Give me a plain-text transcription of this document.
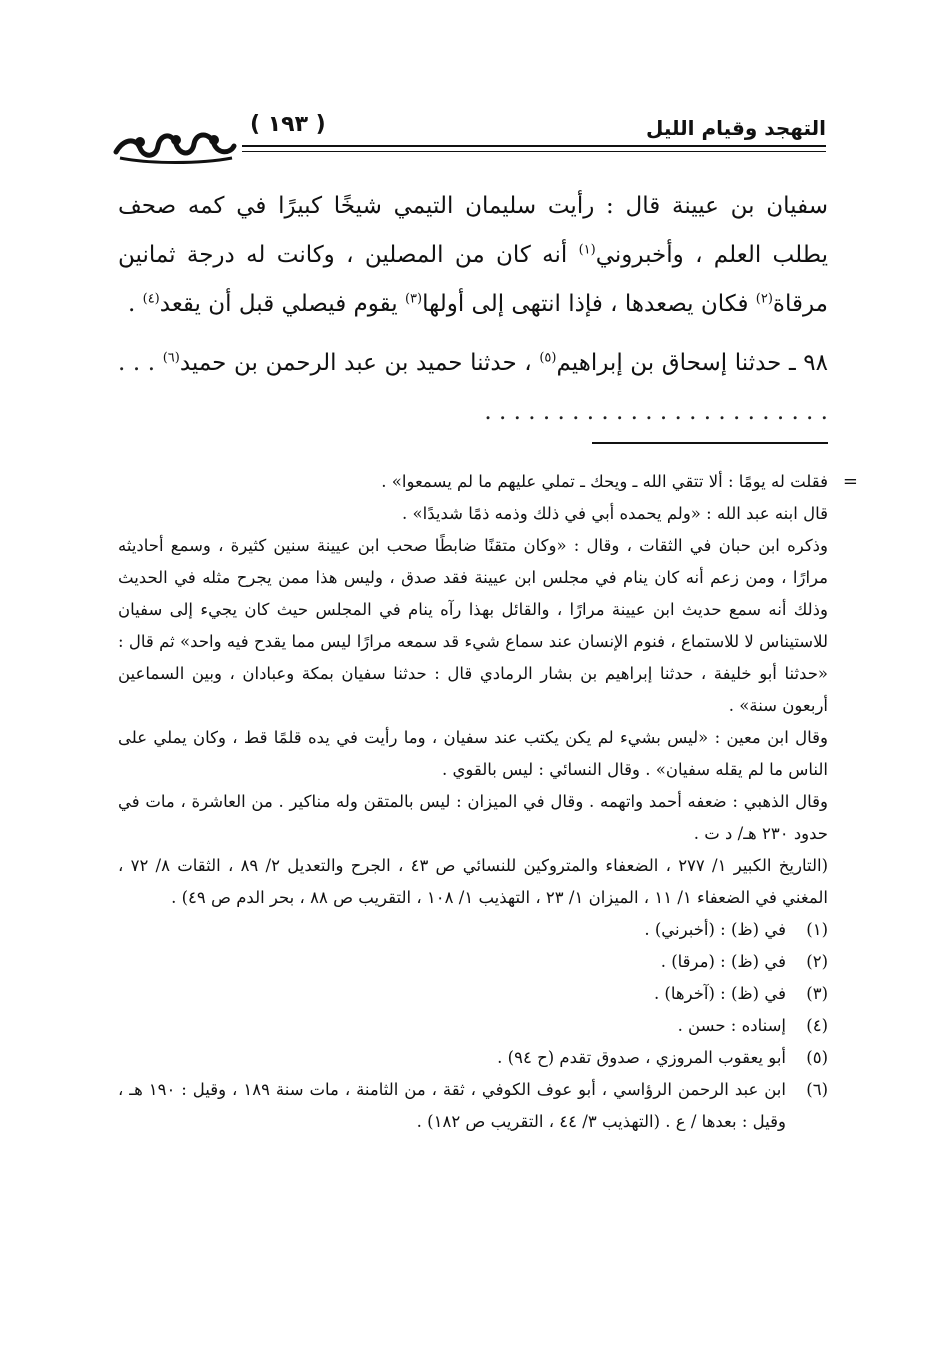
التهجد وقيام الليل
( ١٩٣ )

سفيان بن عيينة قال : رأيت سليمان التيمي شيخًا كبيرًا في كمه صحف يطلب العلم ، وأخبروني$^{(١)}$ أنه كان من المصلين ، وكانت له درجة ثمانين مرقاة$^{(٢)}$ فكان يصعدها ، فإذا انتهى إلى أولها$^{(٣)}$ يقوم فيصلي قبل أن يقعد$^{(٤)}$ .

٩٨ ـ حدثنا إسحاق بن إبراهيم$^{(٥)}$ ، حدثنا حميد بن عبد الرحمن بن حميد$^{(٦)}$ . . . . . . . . . . . . . . . . . . . . . . . . . . .

=

فقلت له يومًا : ألا تتقي الله ـ ويحك ـ تملي عليهم ما لم يسمعوا» .

قال ابنه عبد الله : «ولم يحمده أبي في ذلك وذمه ذمًا شديدًا» .

وذكره ابن حبان في الثقات ، وقال : «وكان متقنًا ضابطًا صحب ابن عيينة سنين كثيرة ، وسمع أحاديثه مرارًا ، ومن زعم أنه كان ينام في مجلس ابن عيينة فقد صدق ، وليس هذا ممن يجرح مثله في الحديث وذلك أنه سمع حديث ابن عيينة مرارًا ، والقائل بهذا رآه ينام في المجلس حيث كان يجيء إلى سفيان للاستيناس لا للاستماع ، فنوم الإنسان عند سماع شيء قد سمعه مرارًا ليس مما يقدح فيه واحد» ثم قال : «حدثنا أبو خليفة ، حدثنا إبراهيم بن بشار الرمادي قال : حدثنا سفيان بمكة وعبادان ، وبين السماعين أربعون سنة» .

وقال ابن معين : «ليس بشيء لم يكن يكتب عند سفيان ، وما رأيت في يده قلمًا قط ، وكان يملي على الناس ما لم يقله سفيان» . وقال النسائي : ليس بالقوي .

وقال الذهبي : ضعفه أحمد واتهمه . وقال في الميزان : ليس بالمتقن وله مناكير . من العاشرة ، مات في حدود ٢٣٠ هـ/ د ت .

(التاريخ الكبير ١/ ٢٧٧ ، الضعفاء والمتروكين للنسائي ص ٤٣ ، الجرح والتعديل ٢/ ٨٩ ، الثقات ٨/ ٧٢ ، المغني في الضعفاء ١/ ١١ ، الميزان ١/ ٢٣ ، التهذيب ١/ ١٠٨ ، التقريب ص ٨٨ ، بحر الدم ص ٤٩) .

(١)
في (ظ) : (أخبرني) .
(٢)
في (ظ) : (مرقا) .
(٣)
في (ظ) : (آخرها) .
(٤)
إسناده : حسن .
(٥)
أبو يعقوب المروزي ، صدوق تقدم (ح ٩٤) .
(٦)
ابن عبد الرحمن الرؤاسي ، أبو عوف الكوفي ، ثقة ، من الثامنة ، مات سنة ١٨٩ ، وقيل : ١٩٠ هـ ، وقيل : بعدها / ع . (التهذيب ٣/ ٤٤ ، التقريب ص ١٨٢) .
